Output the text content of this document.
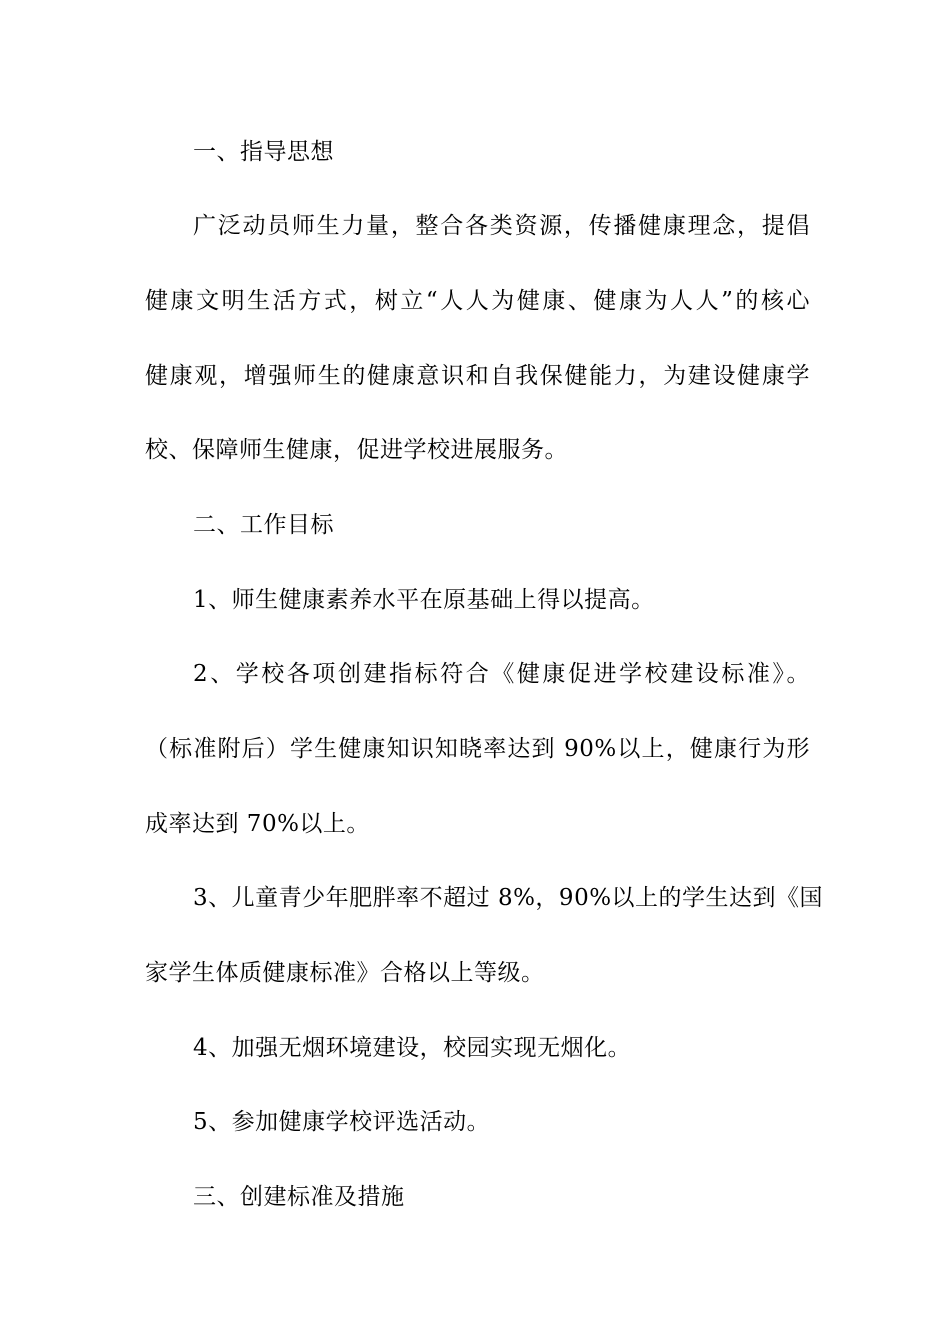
一、指导思想
广泛动员师生力量，整合各类资源，传播健康理念，提倡
健康文明生活方式，树立“人人为健康、健康为人人”的核心
健康观，增强师生的健康意识和自我保健能力，为建设健康学
校、保障师生健康，促进学校进展服务。
二、工作目标
1、师生健康素养水平在原基础上得以提高。
2、学校各项创建指标符合《健康促进学校建设标准》。
（标准附后）学生健康知识知晓率达到 90%以上，健康行为形
成率达到 70%以上。
3、儿童青少年肥胖率不超过 8%，90%以上的学生达到《国
家学生体质健康标准》合格以上等级。
4、加强无烟环境建设，校园实现无烟化。
5、参加健康学校评选活动。
三、创建标准及措施
